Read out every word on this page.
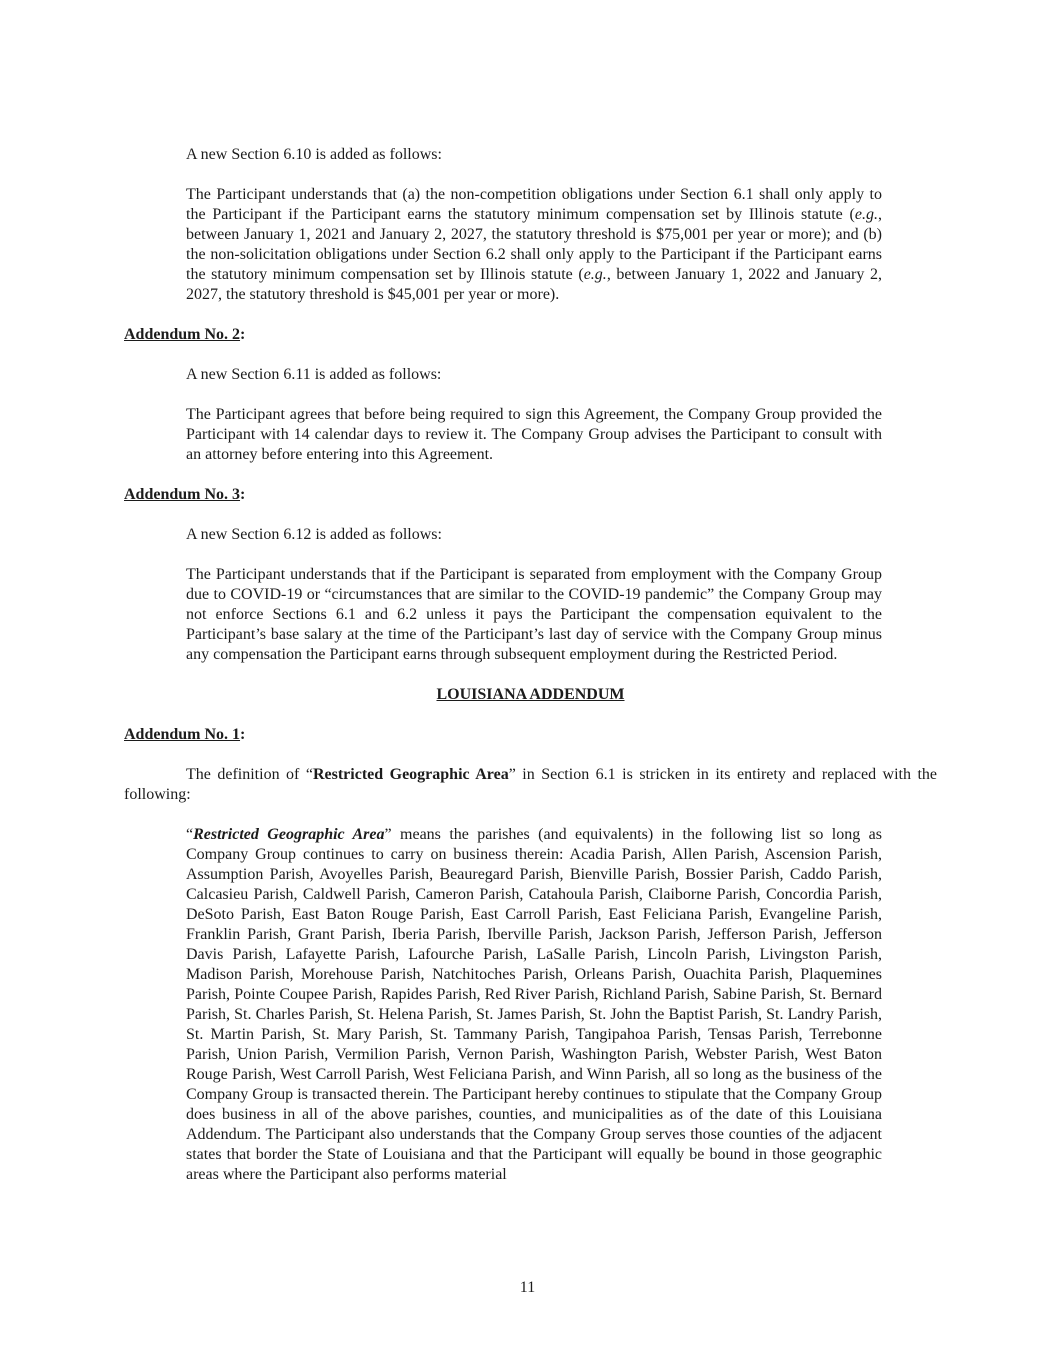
A new Section 6.10 is added as follows:

The Participant understands that (a) the non-competition obligations under Section 6.1 shall only apply to the Participant if the Participant earns the statutory minimum compensation set by Illinois statute (e.g., between January 1, 2021 and January 2, 2027, the statutory threshold is $75,001 per year or more); and (b) the non-solicitation obligations under Section 6.2 shall only apply to the Participant if the Participant earns the statutory minimum compensation set by Illinois statute (e.g., between January 1, 2022 and January 2, 2027, the statutory threshold is $45,001 per year or more).

Addendum No. 2:

A new Section 6.11 is added as follows:

The Participant agrees that before being required to sign this Agreement, the Company Group provided the Participant with 14 calendar days to review it. The Company Group advises the Participant to consult with an attorney before entering into this Agreement.

Addendum No. 3:

A new Section 6.12 is added as follows:

The Participant understands that if the Participant is separated from employment with the Company Group due to COVID-19 or “circumstances that are similar to the COVID-19 pandemic” the Company Group may not enforce Sections 6.1 and 6.2 unless it pays the Participant the compensation equivalent to the Participant’s base salary at the time of the Participant’s last day of service with the Company Group minus any compensation the Participant earns through subsequent employment during the Restricted Period.

LOUISIANA ADDENDUM

Addendum No. 1:

The definition of “Restricted Geographic Area” in Section 6.1 is stricken in its entirety and replaced with the following:

“Restricted Geographic Area” means the parishes (and equivalents) in the following list so long as Company Group continues to carry on business therein: Acadia Parish, Allen Parish, Ascension Parish, Assumption Parish, Avoyelles Parish, Beauregard Parish, Bienville Parish, Bossier Parish, Caddo Parish, Calcasieu Parish, Caldwell Parish, Cameron Parish, Catahoula Parish, Claiborne Parish, Concordia Parish, DeSoto Parish, East Baton Rouge Parish, East Carroll Parish, East Feliciana Parish, Evangeline Parish, Franklin Parish, Grant Parish, Iberia Parish, Iberville Parish, Jackson Parish, Jefferson Parish, Jefferson Davis Parish, Lafayette Parish, Lafourche Parish, LaSalle Parish, Lincoln Parish, Livingston Parish, Madison Parish, Morehouse Parish, Natchitoches Parish, Orleans Parish, Ouachita Parish, Plaquemines Parish, Pointe Coupee Parish, Rapides Parish, Red River Parish, Richland Parish, Sabine Parish, St. Bernard Parish, St. Charles Parish, St. Helena Parish, St. James Parish, St. John the Baptist Parish, St. Landry Parish, St. Martin Parish, St. Mary Parish, St. Tammany Parish, Tangipahoa Parish, Tensas Parish, Terrebonne Parish, Union Parish, Vermilion Parish, Vernon Parish, Washington Parish, Webster Parish, West Baton Rouge Parish, West Carroll Parish, West Feliciana Parish, and Winn Parish, all so long as the business of the Company Group is transacted therein. The Participant hereby continues to stipulate that the Company Group does business in all of the above parishes, counties, and municipalities as of the date of this Louisiana Addendum. The Participant also understands that the Company Group serves those counties of the adjacent states that border the State of Louisiana and that the Participant will equally be bound in those geographic areas where the Participant also performs material

11
